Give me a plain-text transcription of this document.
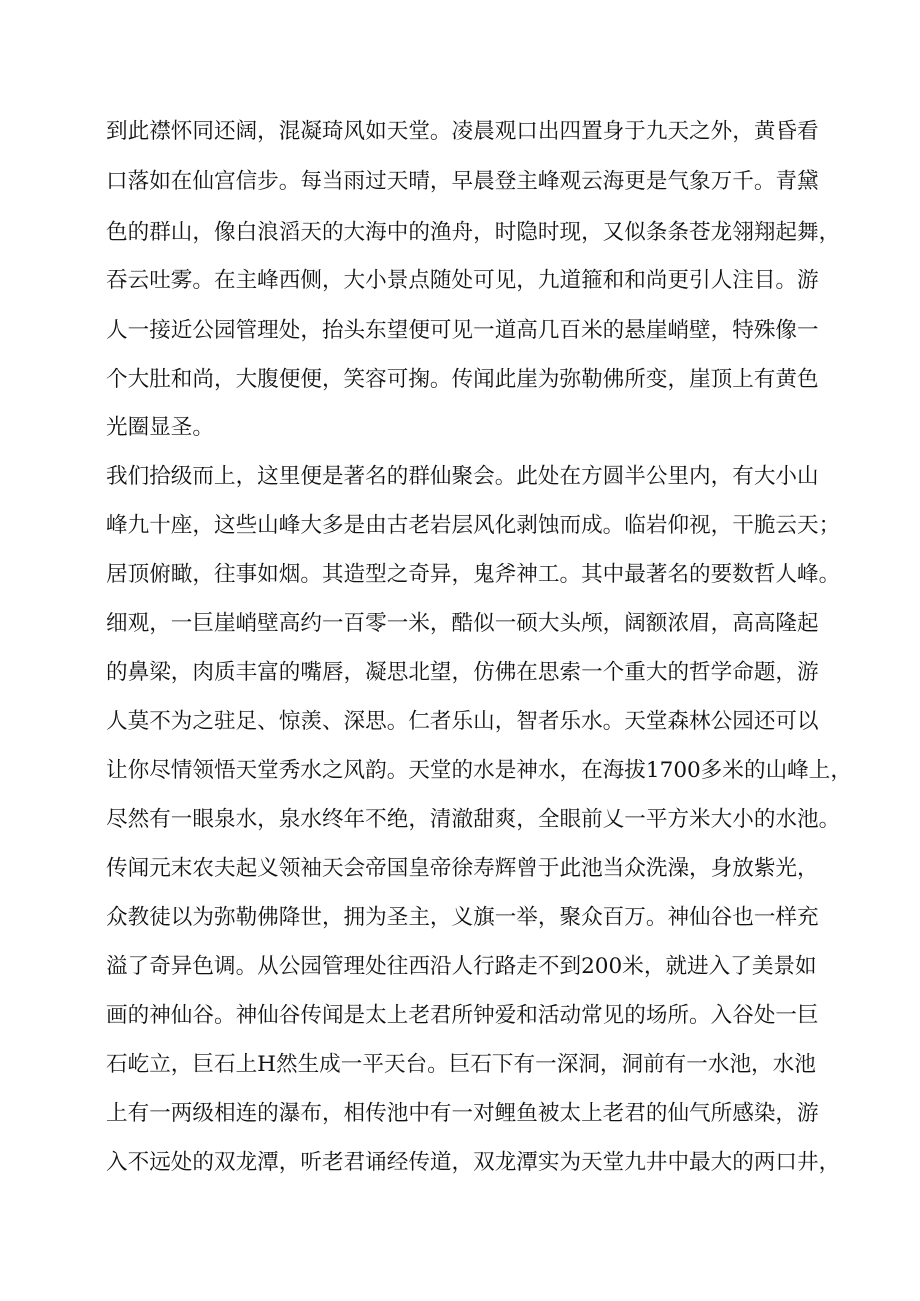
到此襟怀同还阔，混凝琦风如天堂。凌晨观口出四置身于九天之外，黄昏看
口落如在仙宫信步。每当雨过天晴，早晨登主峰观云海更是气象万千。青黛
色的群山，像白浪滔天的大海中的渔舟，时隐时现，又似条条苍龙翎翔起舞，
吞云吐雾。在主峰西侧，大小景点随处可见，九道箍和和尚更引人注目。游
人一接近公园管理处，抬头东望便可见一道高几百米的悬崖峭壁，特殊像一
个大肚和尚，大腹便便，笑容可掬。传闻此崖为弥勒佛所变，崖顶上有黄色
光圈显圣。
我们拾级而上，这里便是著名的群仙聚会。此处在方圆半公里内，有大小山
峰九十座，这些山峰大多是由古老岩层风化剥蚀而成。临岩仰视，干脆云天；
居顶俯瞰，往事如烟。其造型之奇异，鬼斧神工。其中最著名的要数哲人峰。
细观，一巨崖峭壁高约一百零一米，酷似一硕大头颅，阔额浓眉，高高隆起
的鼻梁，肉质丰富的嘴唇，凝思北望，仿佛在思索一个重大的哲学命题，游
人莫不为之驻足、惊羡、深思。仁者乐山，智者乐水。天堂森林公园还可以
让你尽情领悟天堂秀水之风韵。天堂的水是神水，在海拔1700多米的山峰上，
尽然有一眼泉水，泉水终年不绝，清澈甜爽，全眼前乂一平方米大小的水池。
传闻元末农夫起义领袖天会帝国皇帝徐寿辉曾于此池当众洗澡，身放紫光，
众教徒以为弥勒佛降世，拥为圣主，义旗一举，聚众百万。神仙谷也一样充
溢了奇异色调。从公园管理处往西沿人行路走不到200米，就进入了美景如
画的神仙谷。神仙谷传闻是太上老君所钟爱和活动常见的场所。入谷处一巨
石屹立，巨石上H然生成一平天台。巨石下有一深洞，洞前有一水池，水池
上有一两级相连的瀑布，相传池中有一对鲤鱼被太上老君的仙气所感染，游
入不远处的双龙潭，听老君诵经传道，双龙潭实为天堂九井中最大的两口井，
